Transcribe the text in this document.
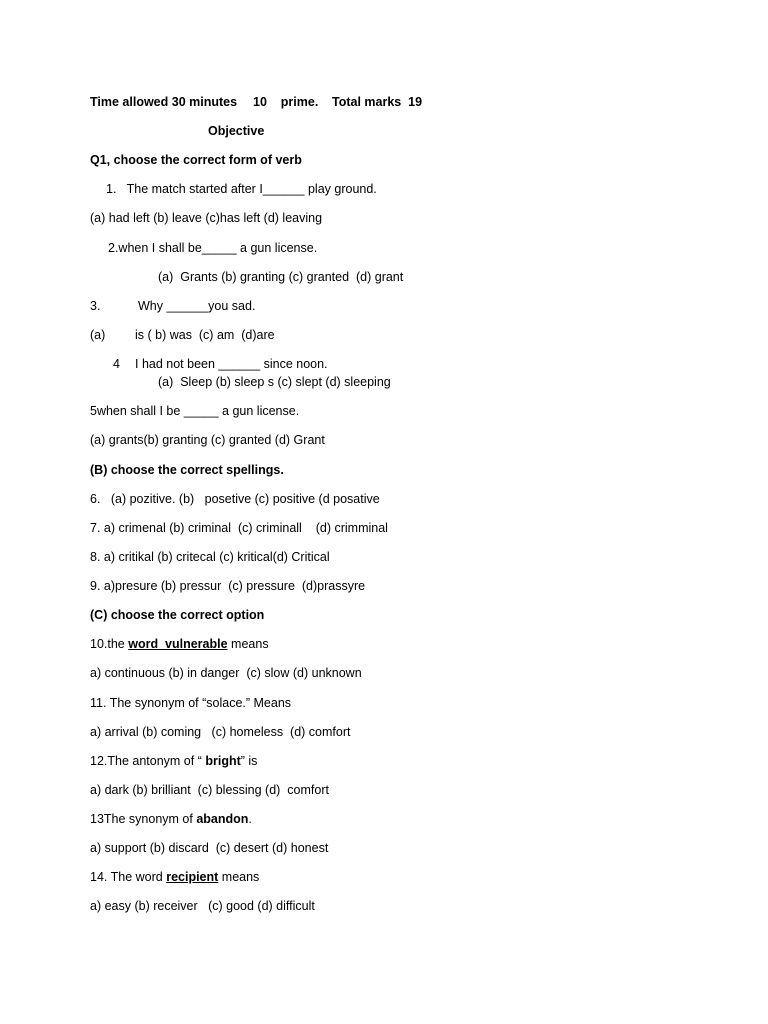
Time allowed 30 minutes 10    prime. Total marks  19
Objective
Q1, choose the correct form of verb
1.   The match started after I______ play ground.
(a) had left (b) leave (c)has left (d) leaving
2.when I shall be_____ a gun license.
(a)  Grants (b) granting (c) granted  (d) grant
3.	Why ______you sad.
(a) is ( b) was  (c) am  (d)are
4 I had not been ______ since noon.
(a)  Sleep (b) sleep s (c) slept (d) sleeping
5when shall I be _____ a gun license.
(a) grants(b) granting (c) granted (d) Grant
(B) choose the correct spellings.
6.   (a) pozitive. (b)   posetive (c) positive (d posative
7. a) crimenal (b) criminal  (c) criminall    (d) crimminal
8. a) critikal (b) critecal (c) kritical(d) Critical
9. a)presure (b) pressur  (c) pressure  (d)prassyre
(C) choose the correct option
10.the word  vulnerable means
a) continuous (b) in danger  (c) slow (d) unknown
11. The synonym of “solace.” Means
a) arrival (b) coming   (c) homeless  (d) comfort
12.The antonym of “ bright” is
a) dark (b) brilliant  (c) blessing (d)  comfort
13The synonym of abandon.
a) support (b) discard  (c) desert (d) honest
14. The word recipient means
a) easy (b) receiver   (c) good (d) difficult
